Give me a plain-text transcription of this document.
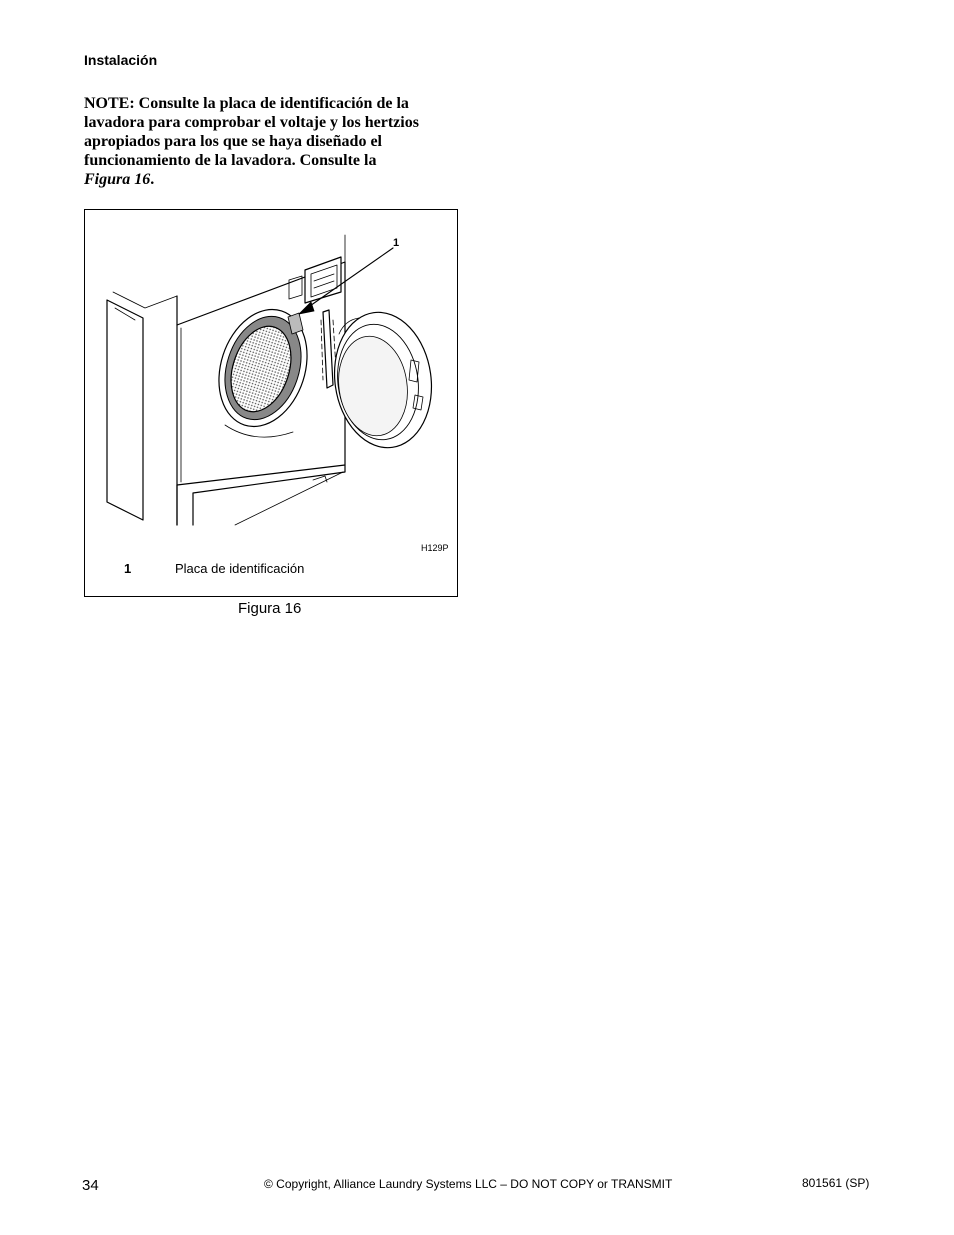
Instalación
NOTE: Consulte la placa de identificación de la
lavadora para comprobar el voltaje y los hertzios
apropiados para los que se haya diseñado el
funcionamiento de la lavadora. Consulte la
Figura 16.
1
H129P
1	Placa de identificación
Figura 16
34	© Copyright, Alliance Laundry Systems LLC – DO NOT COPY or TRANSMIT	801561 (SP)
